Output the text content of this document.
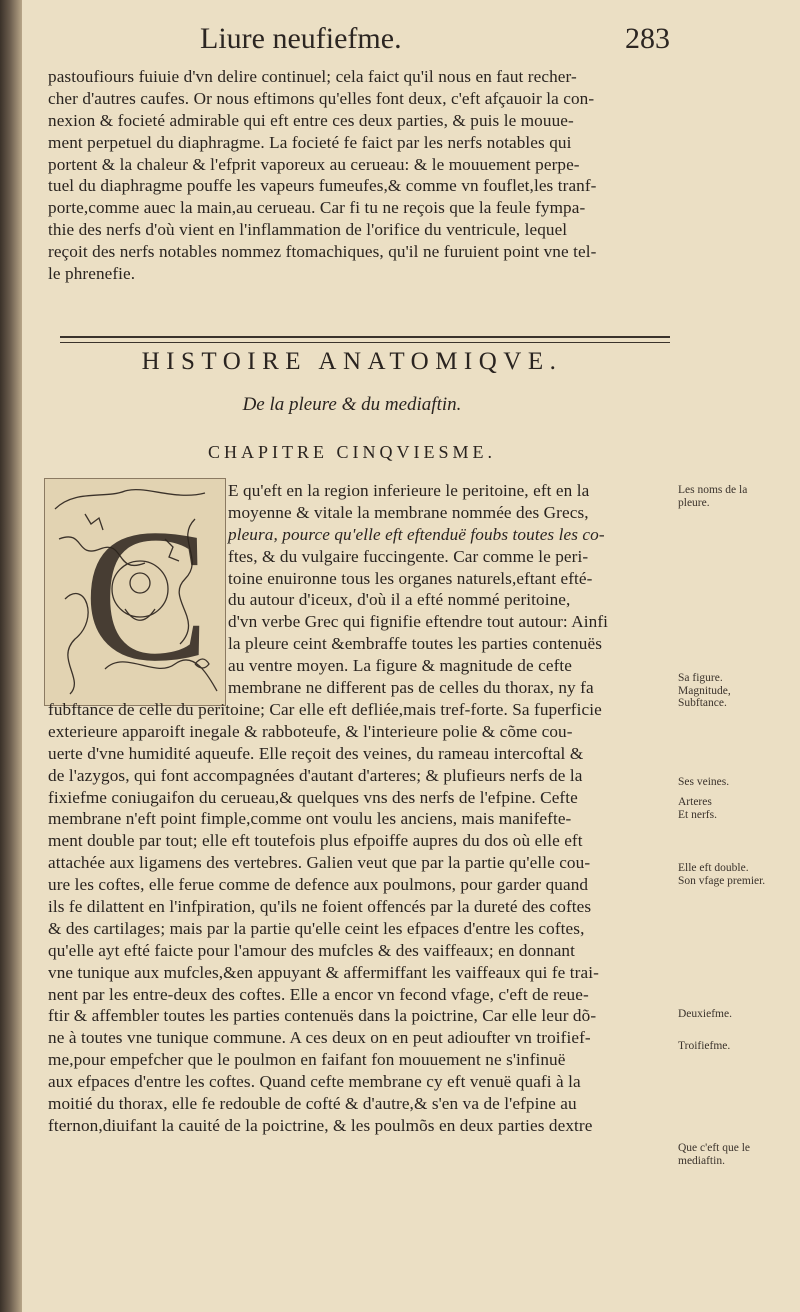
Liure neufiefme.	283
pastoufiours fuiuie d'vn delire continuel; cela faict qu'il nous en faut recher-
cher d'autres caufes. Or nous eftimons qu'elles font deux, c'eft afçauoir la con-
nexion & focieté admirable qui eft entre ces deux parties, & puis le mouue-
ment perpetuel du diaphragme. La focieté fe faict par les nerfs notables qui
portent & la chaleur & l'efprit vaporeux au cerueau: & le mouuement perpe-
tuel du diaphragme pouffe les vapeurs fumeufes,& comme vn fouflet,les tranf-
porte,comme auec la main,au cerueau. Car fi tu ne reçois que la feule fympa-
thie des nerfs d'où vient en l'inflammation de l'orifice du ventricule, lequel
reçoit des nerfs notables nommez ftomachiques, qu'il ne furuient point vne tel-
le phrenefie.
HISTOIRE ANATOMIQVE.
De la pleure & du mediaftin.
CHAPITRE CINQVIESME.
C
E qu'eft en la region inferieure le peritoine, eft en la
moyenne & vitale la membrane nommée des Grecs,
pleura, pource qu'elle eft eftenduë foubs toutes les co-
ftes, & du vulgaire fuccingente. Car comme le peri-
toine enuironne tous les organes naturels,eftant efté-
du autour d'iceux, d'où il a efté nommé peritoine,
d'vn verbe Grec qui fignifie eftendre tout autour: Ainfi
la pleure ceint &embraffe toutes les parties contenuës
au ventre moyen. La figure & magnitude de cefte
membrane ne different pas de celles du thorax, ny fa
fubftance de celle du peritoine; Car elle eft defliée,mais tref-forte. Sa fuperficie
exterieure apparoift inegale & rabboteufe, & l'interieure polie & cõme cou-
uerte d'vne humidité aqueufe. Elle reçoit des veines, du rameau intercoftal &
de l'azygos, qui font accompagnées d'autant d'arteres; & plufieurs nerfs de la
fixiefme coniugaifon du cerueau,& quelques vns des nerfs de l'efpine. Cefte
membrane n'eft point fimple,comme ont voulu les anciens, mais manifefte-
ment double par tout; elle eft toutefois plus efpoiffe aupres du dos où elle eft
attachée aux ligamens des vertebres. Galien veut que par la partie qu'elle cou-
ure les coftes, elle ferue comme de defence aux poulmons, pour garder quand
ils fe dilattent en l'infpiration, qu'ils ne foient offencés par la dureté des coftes
& des cartilages; mais par la partie qu'elle ceint les efpaces d'entre les coftes,
qu'elle ayt efté faicte pour l'amour des mufcles & des vaiffeaux; en donnant
vne tunique aux mufcles,&en appuyant & affermiffant les vaiffeaux qui fe trai-
nent par les entre-deux des coftes. Elle a encor vn fecond vfage, c'eft de reue-
ftir & affembler toutes les parties contenuës dans la poictrine, Car elle leur dõ-
ne à toutes vne tunique commune. A ces deux on en peut adioufter vn troifief-
me,pour empefcher que le poulmon en faifant fon mouuement ne s'infinuë
aux efpaces d'entre les coftes. Quand cefte membrane cy eft venuë quafi à la
moitié du thorax, elle fe redouble de cofté & d'autre,& s'en va de l'efpine au
fternon,diuifant la cauité de la poictrine, & les poulmõs en deux parties dextre
Les noms de la
pleure.
Sa figure.
Magnitude,
Subftance.
Ses veines.
Arteres
Et nerfs.
Elle eft double.
Son vfage premier.
Deuxiefme.
Troifiefme.
Que c'eft que le
mediaftin.
